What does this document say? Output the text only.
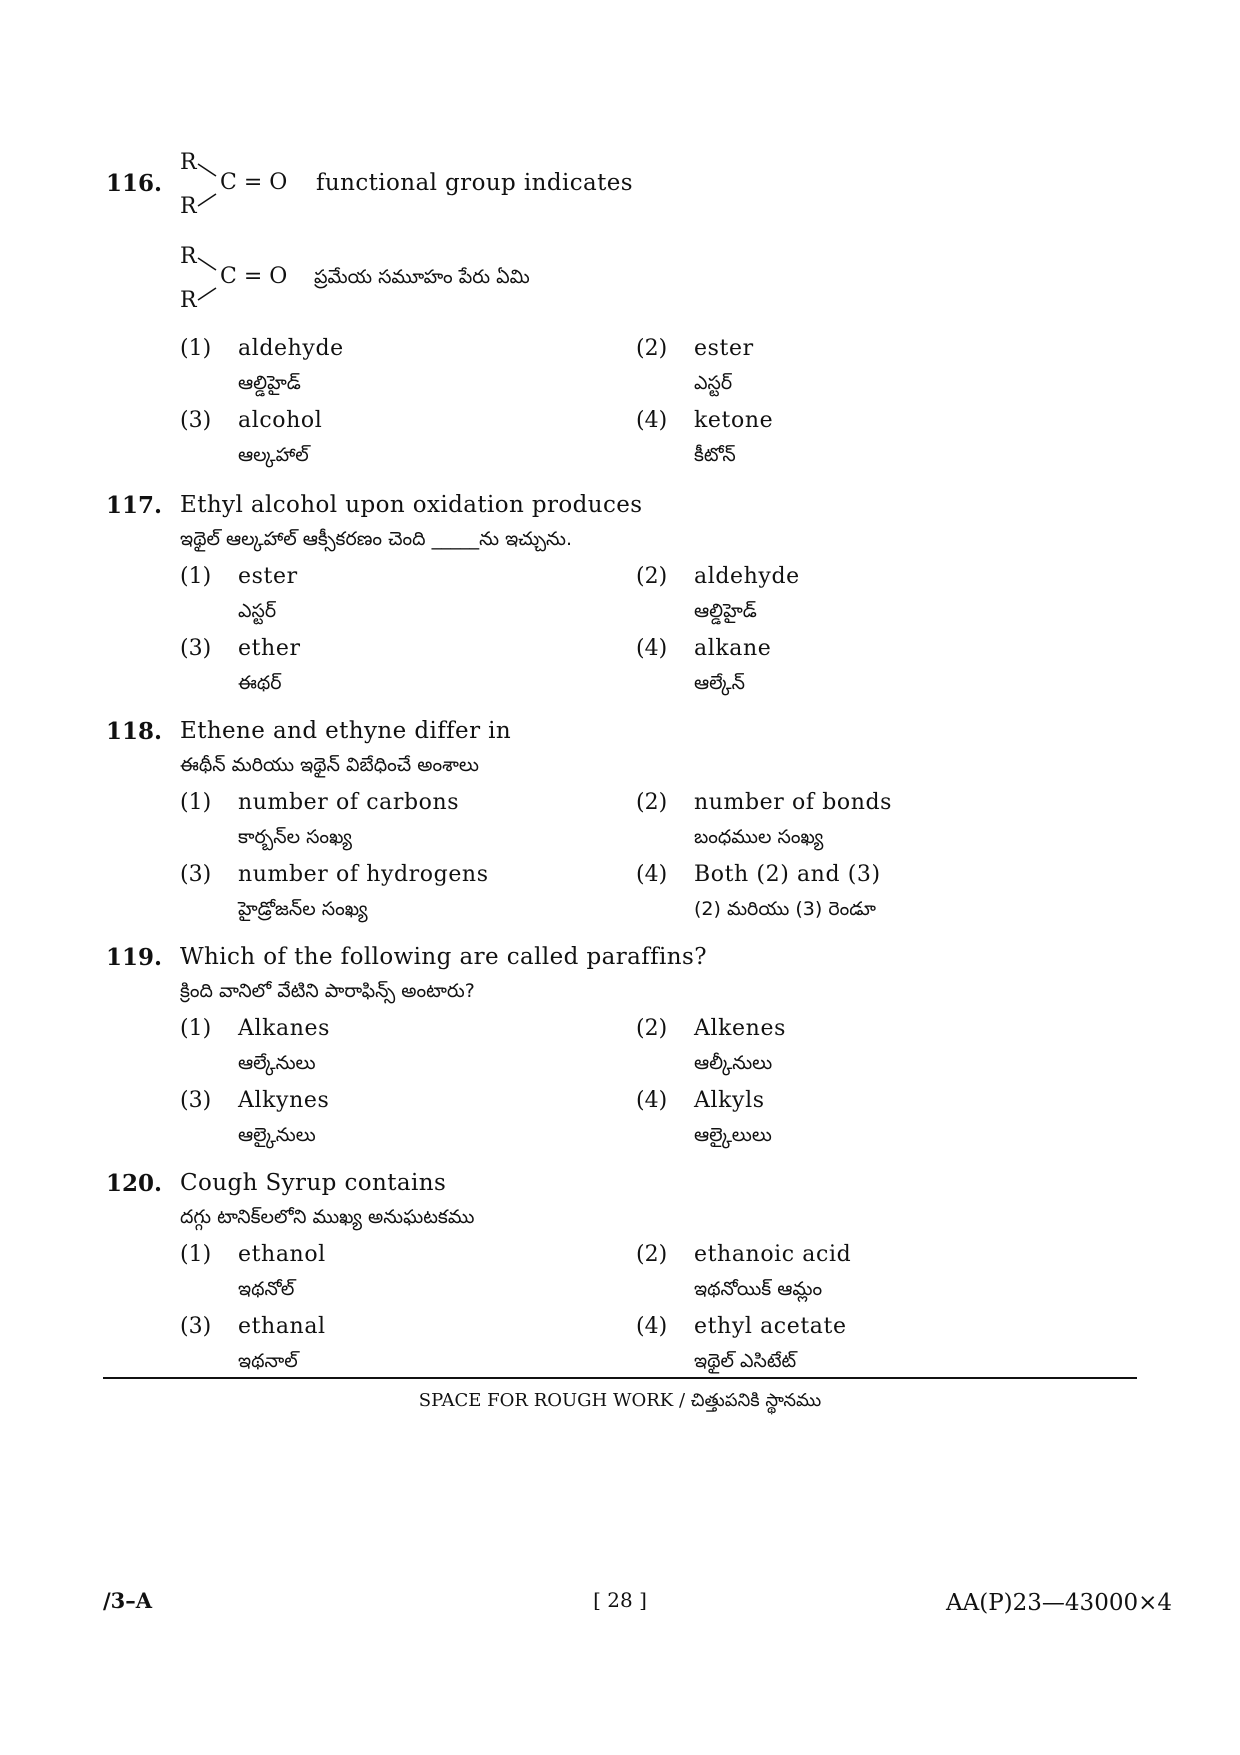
116.
R
R
C = O functional group indicates
R
R
C = O ప్రమేయ సమూహం పేరు ఏమి
(1) aldehyde
ఆల్డిహైడ్
(2) ester
ఎస్టర్
(3) alcohol
ఆల్కహాల్
(4) ketone
కీటోన్
117. Ethyl alcohol upon oxidation produces
ఇథైల్ ఆల్కహాల్ ఆక్సీకరణం చెంది _____ను ఇచ్చును.
(1) ester
ఎస్టర్
(2) aldehyde
ఆల్డిహైడ్
(3) ether
ఈథర్
(4) alkane
ఆల్కేన్
118. Ethene and ethyne differ in
ఈథీన్ మరియు ఇథైన్ విబేధించే అంశాలు
(1) number of carbons
కార్బన్‌ల సంఖ్య
(2) number of bonds
బంధముల సంఖ్య
(3) number of hydrogens
హైడ్రోజన్‌ల సంఖ్య
(4) Both (2) and (3)
(2) మరియు (3) రెండూ
119. Which of the following are called paraffins?
క్రింది వానిలో వేటిని పారాఫిన్స్ అంటారు?
(1) Alkanes
ఆల్కేనులు
(2) Alkenes
ఆల్కీనులు
(3) Alkynes
ఆల్కైనులు
(4) Alkyls
ఆల్కైలులు
120. Cough Syrup contains
దగ్గు టానిక్‌లలోని ముఖ్య అనుఘటకము
(1) ethanol
ఇథనోల్
(2) ethanoic acid
ఇథనోయిక్ ఆమ్లం
(3) ethanal
ఇథనాల్
(4) ethyl acetate
ఇథైల్ ఎసిటేట్
SPACE FOR ROUGH WORK / చిత్తుపనికి స్థానము
/3–A	[ 28 ]	AA(P)23—43000×4
